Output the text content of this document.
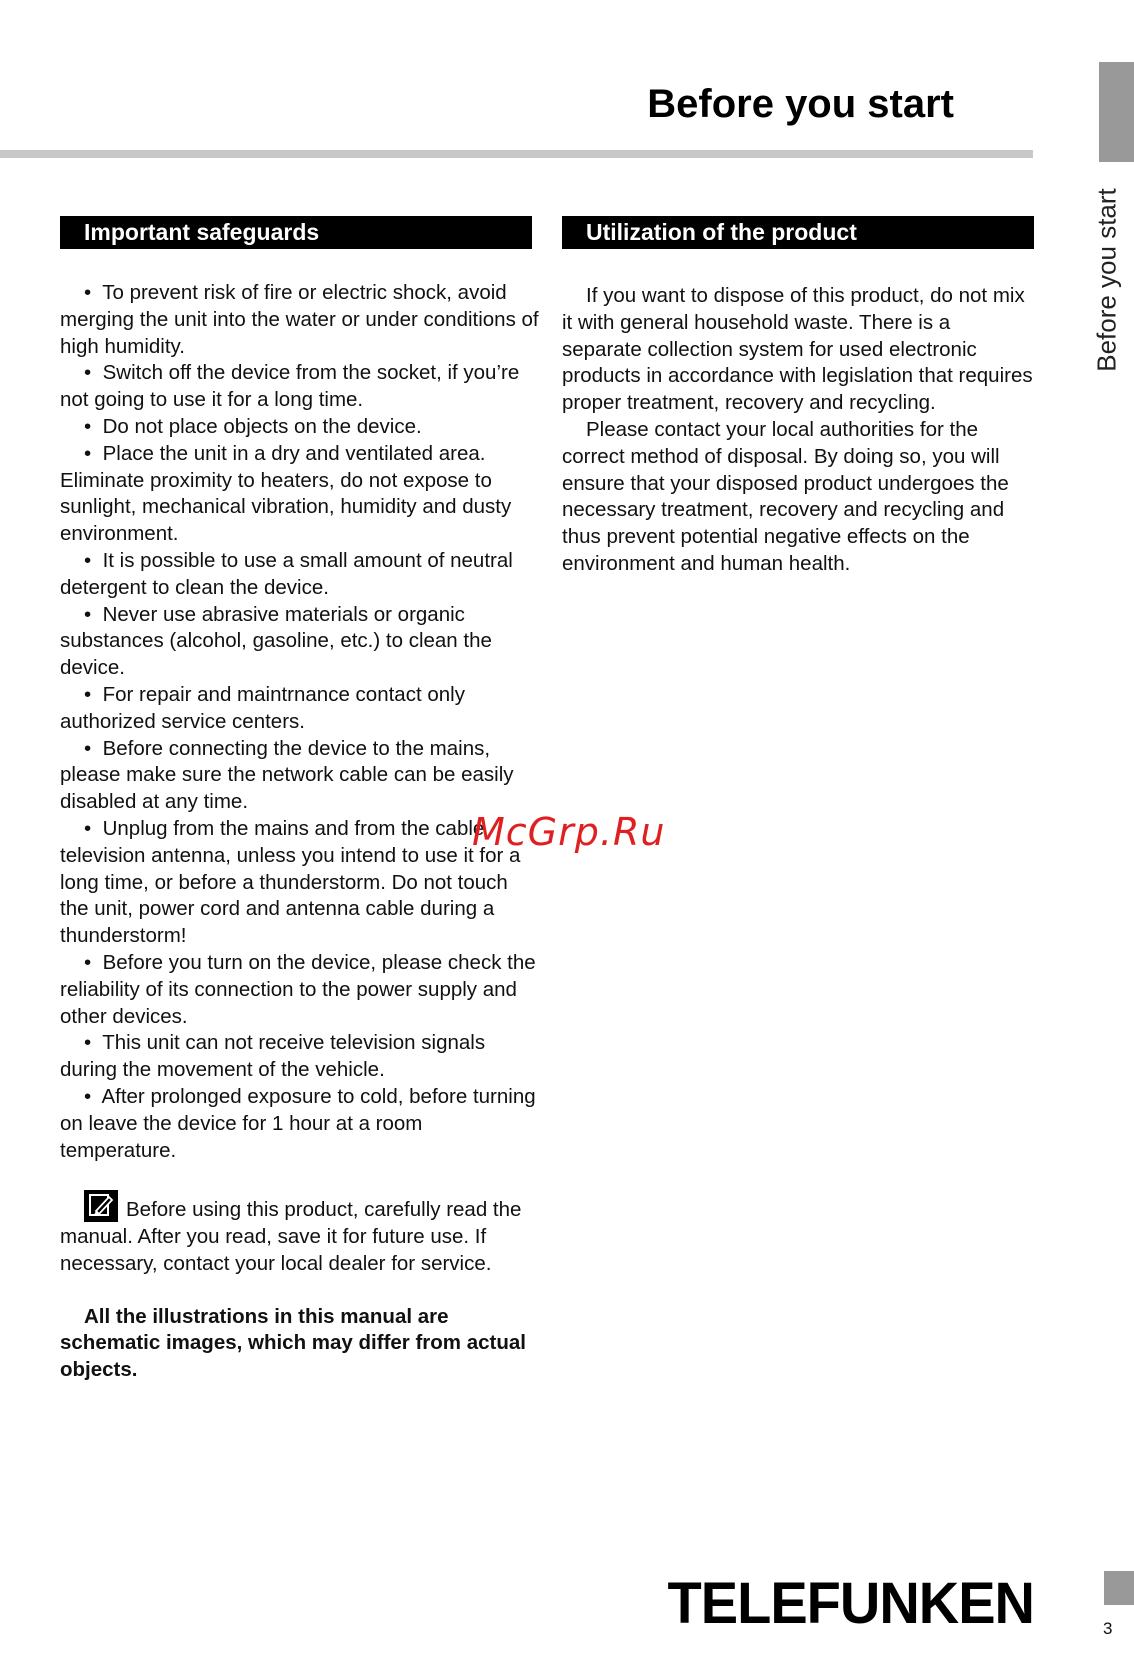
Before you start
Before you start
Important safeguards	Utilization of the product

• To prevent risk of fire or electric shock, avoid merging the unit into the water or under conditions of high humidity.

• Switch off the device from the socket, if you’re not going to use it for a long time.

• Do not place objects on the device.

• Place the unit in a dry and ventilated area. Eliminate proximity to heaters, do not expose to sunlight, mechanical vibration, humidity and dusty environment.

• It is possible to use a small amount of neutral detergent to clean the device.

• Never use abrasive materials or organic substances (alcohol, gasoline, etc.) to clean the device.

• For repair and maintrnance contact only authorized service centers.

• Before connecting the device to the mains, please make sure the network cable can be easily disabled at any time.

• Unplug from the mains and from the cable television antenna, unless you intend to use it for a long time, or before a thunderstorm. Do not touch the unit, power cord and antenna cable during a thunderstorm!

• Before you turn on the device, please check the reliability of its connection to the power supply and other devices.

• This unit can not receive television signals during the movement of the vehicle.

• After prolonged exposure to cold, before turning on leave the device for 1 hour at a room temperature.

Before using this product, carefully read the manual. After you read, save it for future use. If necessary, contact your local dealer for service.

All the illustrations in this manual are schematic images, which may differ from actual objects.

If you want to dispose of this product, do not mix it with general household waste. There is a separate collection system for used electronic products in accordance with legislation that requires proper treatment, recovery and recycling.

Please contact your local authorities for the correct method of disposal. By doing so, you will ensure that your disposed product undergoes the necessary treatment, recovery and recycling and thus prevent potential negative effects on the environment and human health.

McGrp.Ru
TELEFUNKEN	3
